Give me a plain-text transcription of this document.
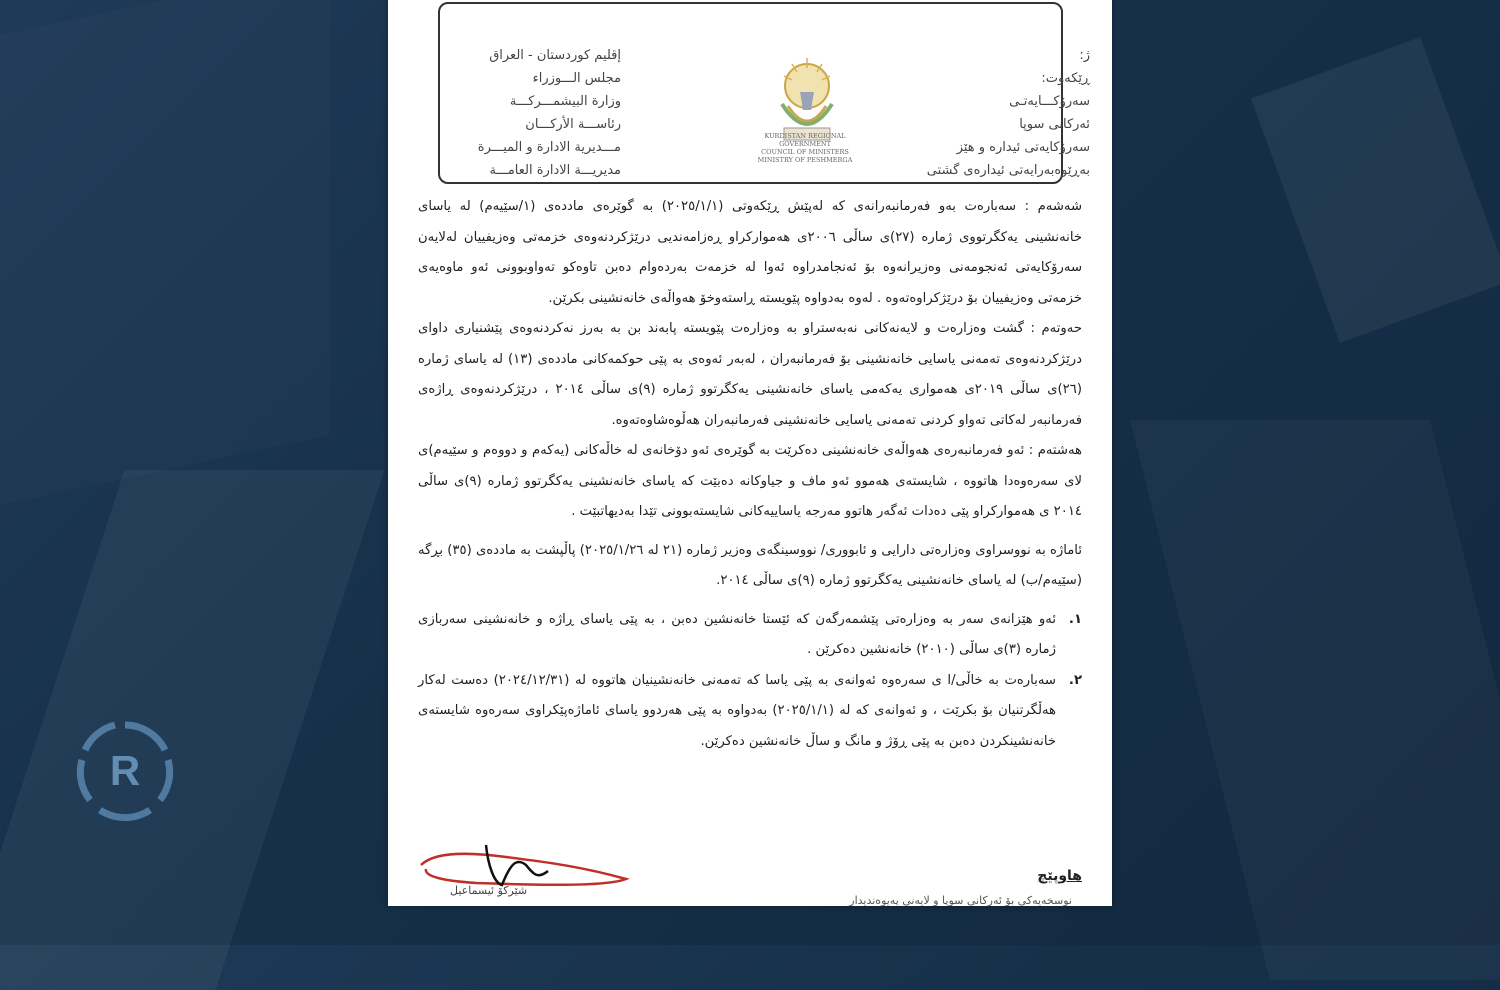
R
ژ:
ڕێکەوت:
سەرۆکـــایەتـی
ئەرکانی سوپا
سەرۆکایەتی ئیدارە و هێز
بەڕێوەبەرایەتی ئیدارەی گشتی
KURDISTAN REGIONAL GOVERNMENT
COUNCIL OF MINISTERS
MINISTRY OF PESHMERGA
إقليم كوردستان - العراق
مجلس الـــوزراء
وزارة البيشمـــركـــة
رئاســـة الأركـــان
مـــديرية الادارة و الميـــرة
مديريـــة الادارة العامـــة

شەشەم : سەبارەت بەو فەرمانبەرانەی کە لەپێش ڕێکەوتی (٢٠٢٥/١/١) بە گوێرەی ماددەی (١/سێیەم) لە یاسای خانەنشینی یەکگرتووی ژمارە (٢٧)ی ساڵی ٢٠٠٦ی هەموارکراو ڕەزامەندیی درێژکردنەوەی خزمەتی وەزیفییان لەلایەن سەرۆکایەتی ئەنجومەنی وەزیرانەوە بۆ ئەنجامدراوە ئەوا لە خزمەت بەردەوام دەبن تاوەکو تەواوبوونی ئەو ماوەیەی خزمەتی وەزیفییان بۆ درێژکراوەتەوە . لەوە بەدواوە پێویستە ڕاستەوخۆ هەواڵەی خانەنشینی بکرێن.

حەوتەم : گشت وەزارەت و لایەنەکانی نەبەستراو بە وەزارەت پێویستە پابەند بن بە بەرز نەکردنەوەی پێشنیاری داوای درێژکردنەوەی تەمەنی یاسایی خانەنشینی بۆ فەرمانبەران ، لەبەر ئەوەی بە پێی حوکمەکانی ماددەی (١٣) لە یاسای ژمارە (٢٦)ی ساڵی ٢٠١٩ی هەمواری یەکەمی یاسای خانەنشینی یەکگرتوو ژمارە (٩)ی ساڵی ٢٠١٤ ، درێژکردنەوەی ڕاژەی فەرمانبەر لەکاتی تەواو کردنی تەمەنی یاسایی خانەنشینی فەرمانبەران هەڵوەشاوەتەوە.

هەشتەم : ئەو فەرمانبەرەی هەواڵەی خانەنشینی دەکرێت بە گوێرەی ئەو دۆخانەی لە خاڵەکانی (یەکەم و دووەم و سێیەم)ی لای سەرەوەدا هاتووە ، شایستەی هەموو ئەو ماف و جیاوکانە دەبێت کە یاسای خانەنشینی یەکگرتوو ژمارە (٩)ی ساڵی ٢٠١٤ ی هەموارکراو پێی دەدات ئەگەر هاتوو مەرجە یاساییەکانی شایستەبوونی تێدا بەدیهاتبێت .

ئاماژە بە نووسراوی وەزارەتی دارایی و ئابووری/ نووسینگەی وەزیر ژمارە (٢١ لە ٢٠٢٥/١/٢٦) پاڵپشت بە ماددەی (٣٥) بڕگە (سێیەم/ب) لە یاسای خانەنشینی یەکگرتوو ژمارە (٩)ی ساڵی ٢٠١٤.

١.
ئەو هێزانەی سەر بە وەزارەتی پێشمەرگەن کە ئێستا خانەنشین دەبن ، بە پێی یاسای ڕاژە و خانەنشینی سەربازی ژمارە (٣)ی ساڵی (٢٠١٠) خانەنشین دەکرێن .
٢.
سەبارەت بە خاڵی/ا ی سەرەوە ئەوانەی بە پێی یاسا کە تەمەنی خانەنشینیان هاتووە لە (٢٠٢٤/١٢/٣١) دەست لەکار هەڵگرتنیان بۆ بکرێت ، و ئەوانەی کە لە (٢٠٢٥/١/١) بەدواوە بە پێی هەردوو یاسای ئاماژەپێکراوی سەرەوە شایستەی خانەنشینکردن دەبن بە پێی ڕۆژ و مانگ و ساڵ خانەنشین دەکرێن.
شێرکۆ ئیسماعیل
هاوپێچ
نوسخەیەکی بۆ ئەرکانی سوپا و لایەنی پەیوەندیدار
